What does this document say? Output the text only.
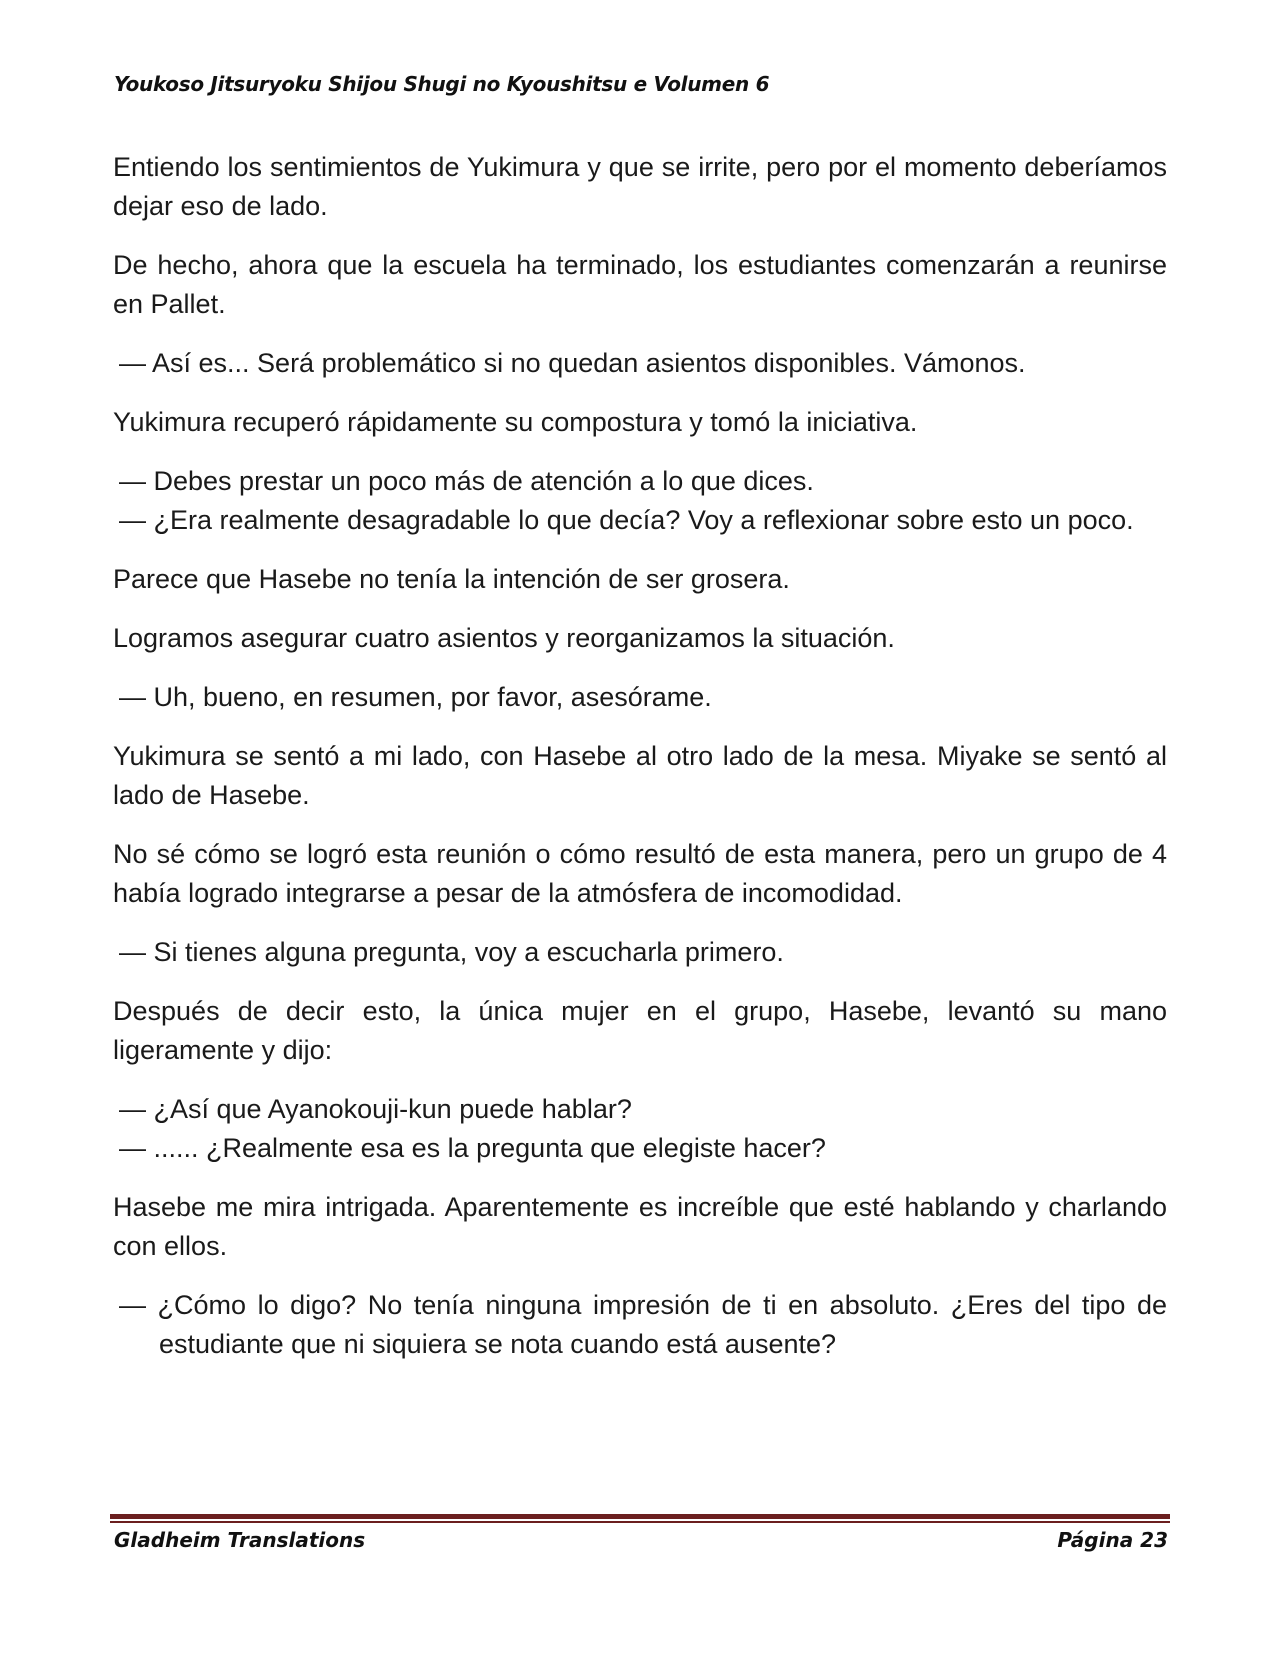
Youkoso Jitsuryoku Shijou Shugi no Kyoushitsu e Volumen 6

Entiendo los sentimientos de Yukimura y que se irrite, pero por el momento deberíamos dejar eso de lado.

De hecho, ahora que la escuela ha terminado, los estudiantes comenzarán a reunirse en Pallet.

— Así es... Será problemático si no quedan asientos disponibles. Vámonos.

Yukimura recuperó rápidamente su compostura y tomó la iniciativa.

— Debes prestar un poco más de atención a lo que dices.

— ¿Era realmente desagradable lo que decía? Voy a reflexionar sobre esto un poco.

Parece que Hasebe no tenía la intención de ser grosera.

Logramos asegurar cuatro asientos y reorganizamos la situación.

— Uh, bueno, en resumen, por favor, asesórame.

Yukimura se sentó a mi lado, con Hasebe al otro lado de la mesa. Miyake se sentó al lado de Hasebe.

No sé cómo se logró esta reunión o cómo resultó de esta manera, pero un grupo de 4 había logrado integrarse a pesar de la atmósfera de incomodidad.

— Si tienes alguna pregunta, voy a escucharla primero.

Después de decir esto, la única mujer en el grupo, Hasebe, levantó su mano ligeramente y dijo:

— ¿Así que Ayanokouji-kun puede hablar?

— ...... ¿Realmente esa es la pregunta que elegiste hacer?

Hasebe me mira intrigada. Aparentemente es increíble que esté hablando y charlando con ellos.

— ¿Cómo lo digo? No tenía ninguna impresión de ti en absoluto. ¿Eres del tipo de estudiante que ni siquiera se nota cuando está ausente?

Gladheim Translations	Página 23
